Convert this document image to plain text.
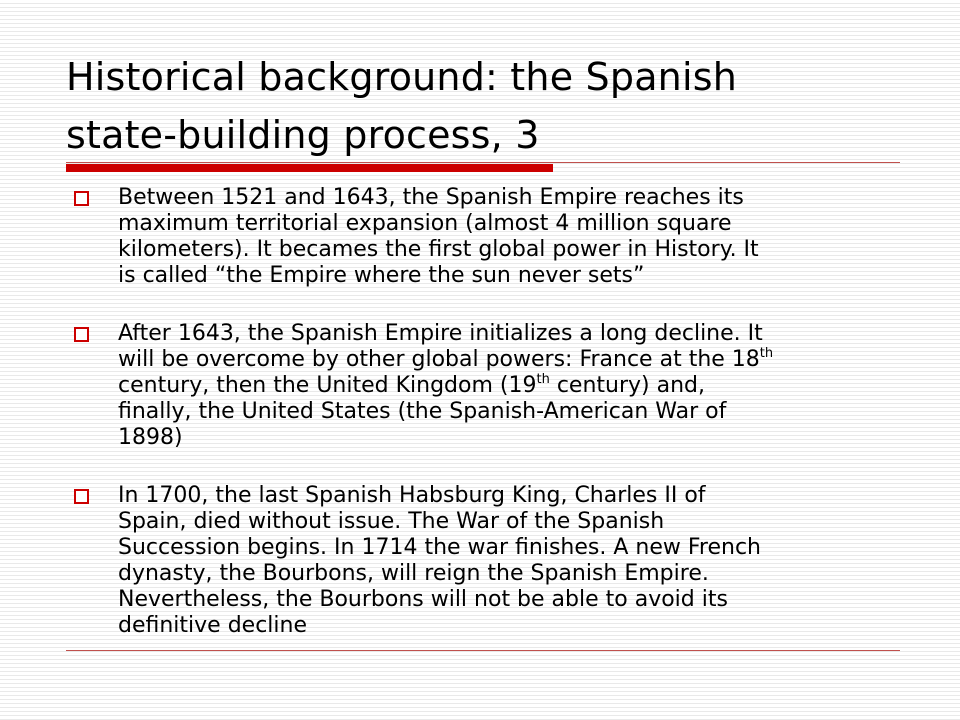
Historical background: the Spanish
state-building process, 3
Between 1521 and 1643, the Spanish Empire reaches its
maximum territorial expansion (almost 4 million square
kilometers). It becames the first global power in History. It
is called “the Empire where the sun never sets”
After 1643, the Spanish Empire initializes a long decline. It
will be overcome by other global powers: France at the 18th
century, then the United Kingdom (19th century) and,
finally, the United States (the Spanish-American War of
1898)
In 1700, the last Spanish Habsburg King, Charles II of
Spain, died without issue. The War of the Spanish
Succession begins. In 1714 the war finishes. A new French
dynasty, the Bourbons, will reign the Spanish Empire.
Nevertheless, the Bourbons will not be able to avoid its
definitive decline
